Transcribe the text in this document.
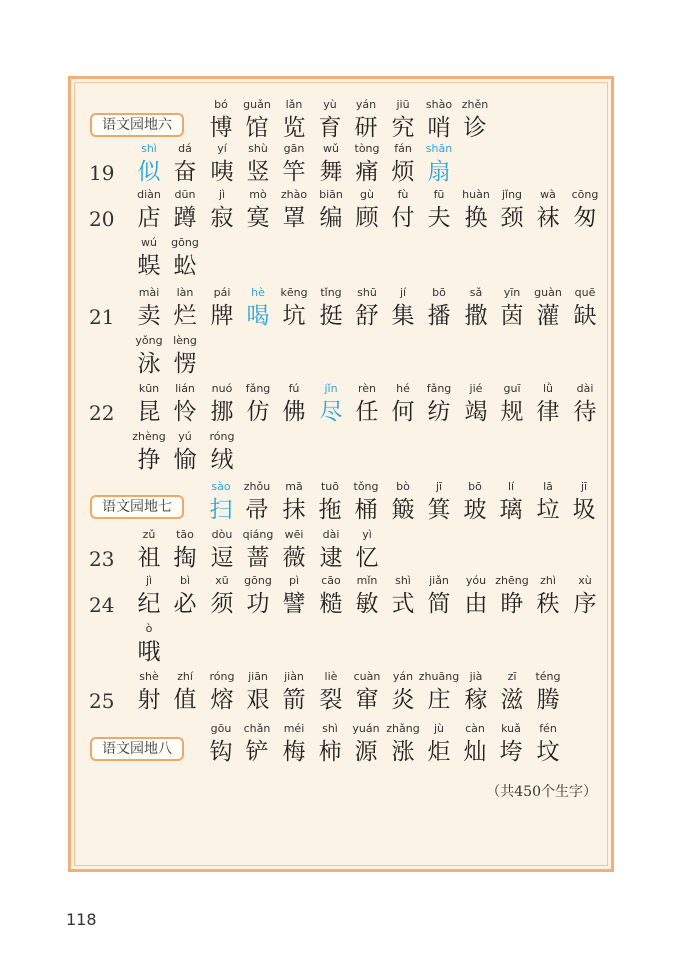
语文园地六
bó
博
guǎn
馆
lǎn
览
yù
育
yán
研
jiū
究
shào
哨
zhěn
诊
19
shì
似
dá
奋
yí
咦
shù
竖
gān
竿
wǔ
舞
tòng
痛
fán
烦
shān
扇
20
diàn
店
dūn
蹲
jì
寂
mò
寞
zhào
罩
biān
编
gù
顾
fù
付
fū
夫
huàn
换
jǐng
颈
wà
袜
cōng
匆
wú
蜈
gōng
蚣
21
mài
卖
làn
烂
pái
牌
hè
喝
kēng
坑
tǐng
挺
shū
舒
jí
集
bō
播
sǎ
撒
yīn
茵
guàn
灌
quē
缺
yǒng
泳
lèng
愣
22
kūn
昆
lián
怜
nuó
挪
fǎng
仿
fú
佛
jǐn
尽
rèn
任
hé
何
fǎng
纺
jié
竭
guī
规
lǜ
律
dài
待
zhèng
挣
yú
愉
róng
绒
语文园地七
sào
扫
zhǒu
帚
mā
抹
tuō
拖
tǒng
桶
bò
簸
jī
箕
bō
玻
lí
璃
lā
垃
jī
圾
23
zǔ
祖
tāo
掏
dòu
逗
qiáng
蔷
wēi
薇
dài
逮
yì
忆
24
jì
纪
bì
必
xū
须
gōng
功
pì
譬
cāo
糙
mǐn
敏
shì
式
jiǎn
简
yóu
由
zhēng
睁
zhì
秩
xù
序
ò
哦
25
shè
射
zhí
值
róng
熔
jiān
艰
jiàn
箭
liè
裂
cuàn
窜
yán
炎
zhuāng
庄
jià
稼
zī
滋
téng
腾
语文园地八
gōu
钩
chǎn
铲
méi
梅
shì
柿
yuán
源
zhǎng
涨
jù
炬
càn
灿
kuǎ
垮
fén
坟
（共450个生字）
118
